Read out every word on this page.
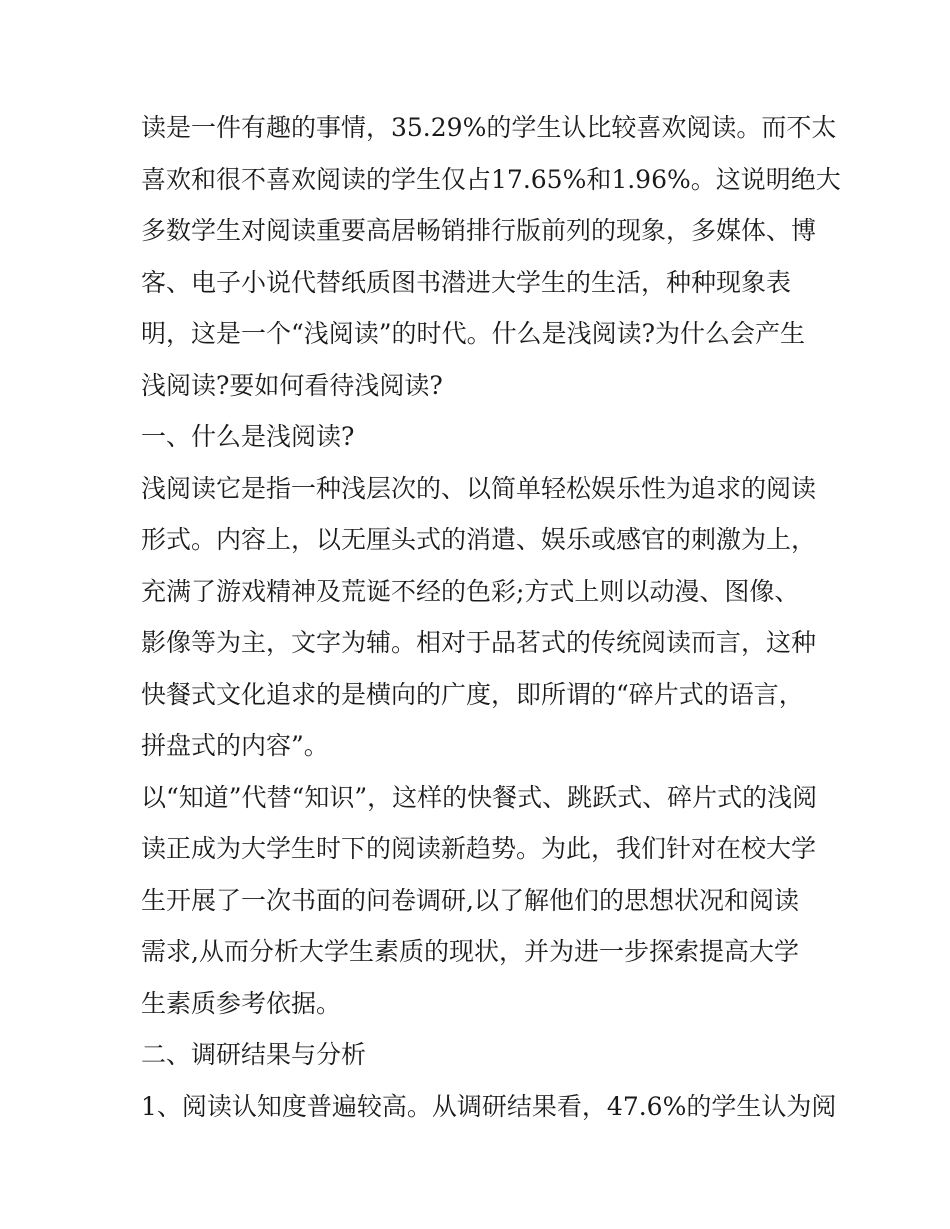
读是一件有趣的事情，35.29%的学生认比较喜欢阅读。而不太
喜欢和很不喜欢阅读的学生仅占17.65%和1.96%。这说明绝大
多数学生对阅读重要高居畅销排行版前列的现象，多媒体、博
客、电子小说代替纸质图书潜进大学生的生活，种种现象表
明，这是一个“浅阅读”的时代。什么是浅阅读?为什么会产生
浅阅读?要如何看待浅阅读?
一、什么是浅阅读?
浅阅读它是指一种浅层次的、以简单轻松娱乐性为追求的阅读
形式。内容上，以无厘头式的消遣、娱乐或感官的刺激为上，
充满了游戏精神及荒诞不经的色彩;方式上则以动漫、图像、
影像等为主，文字为辅。相对于品茗式的传统阅读而言，这种
快餐式文化追求的是横向的广度，即所谓的“碎片式的语言，
拼盘式的内容”。
以“知道”代替“知识”，这样的快餐式、跳跃式、碎片式的浅阅
读正成为大学生时下的阅读新趋势。为此，我们针对在校大学
生开展了一次书面的问卷调研,以了解他们的思想状况和阅读
需求,从而分析大学生素质的现状，并为进一步探索提高大学
生素质参考依据。
二、调研结果与分析
1、阅读认知度普遍较高。从调研结果看，47.6%的学生认为阅
